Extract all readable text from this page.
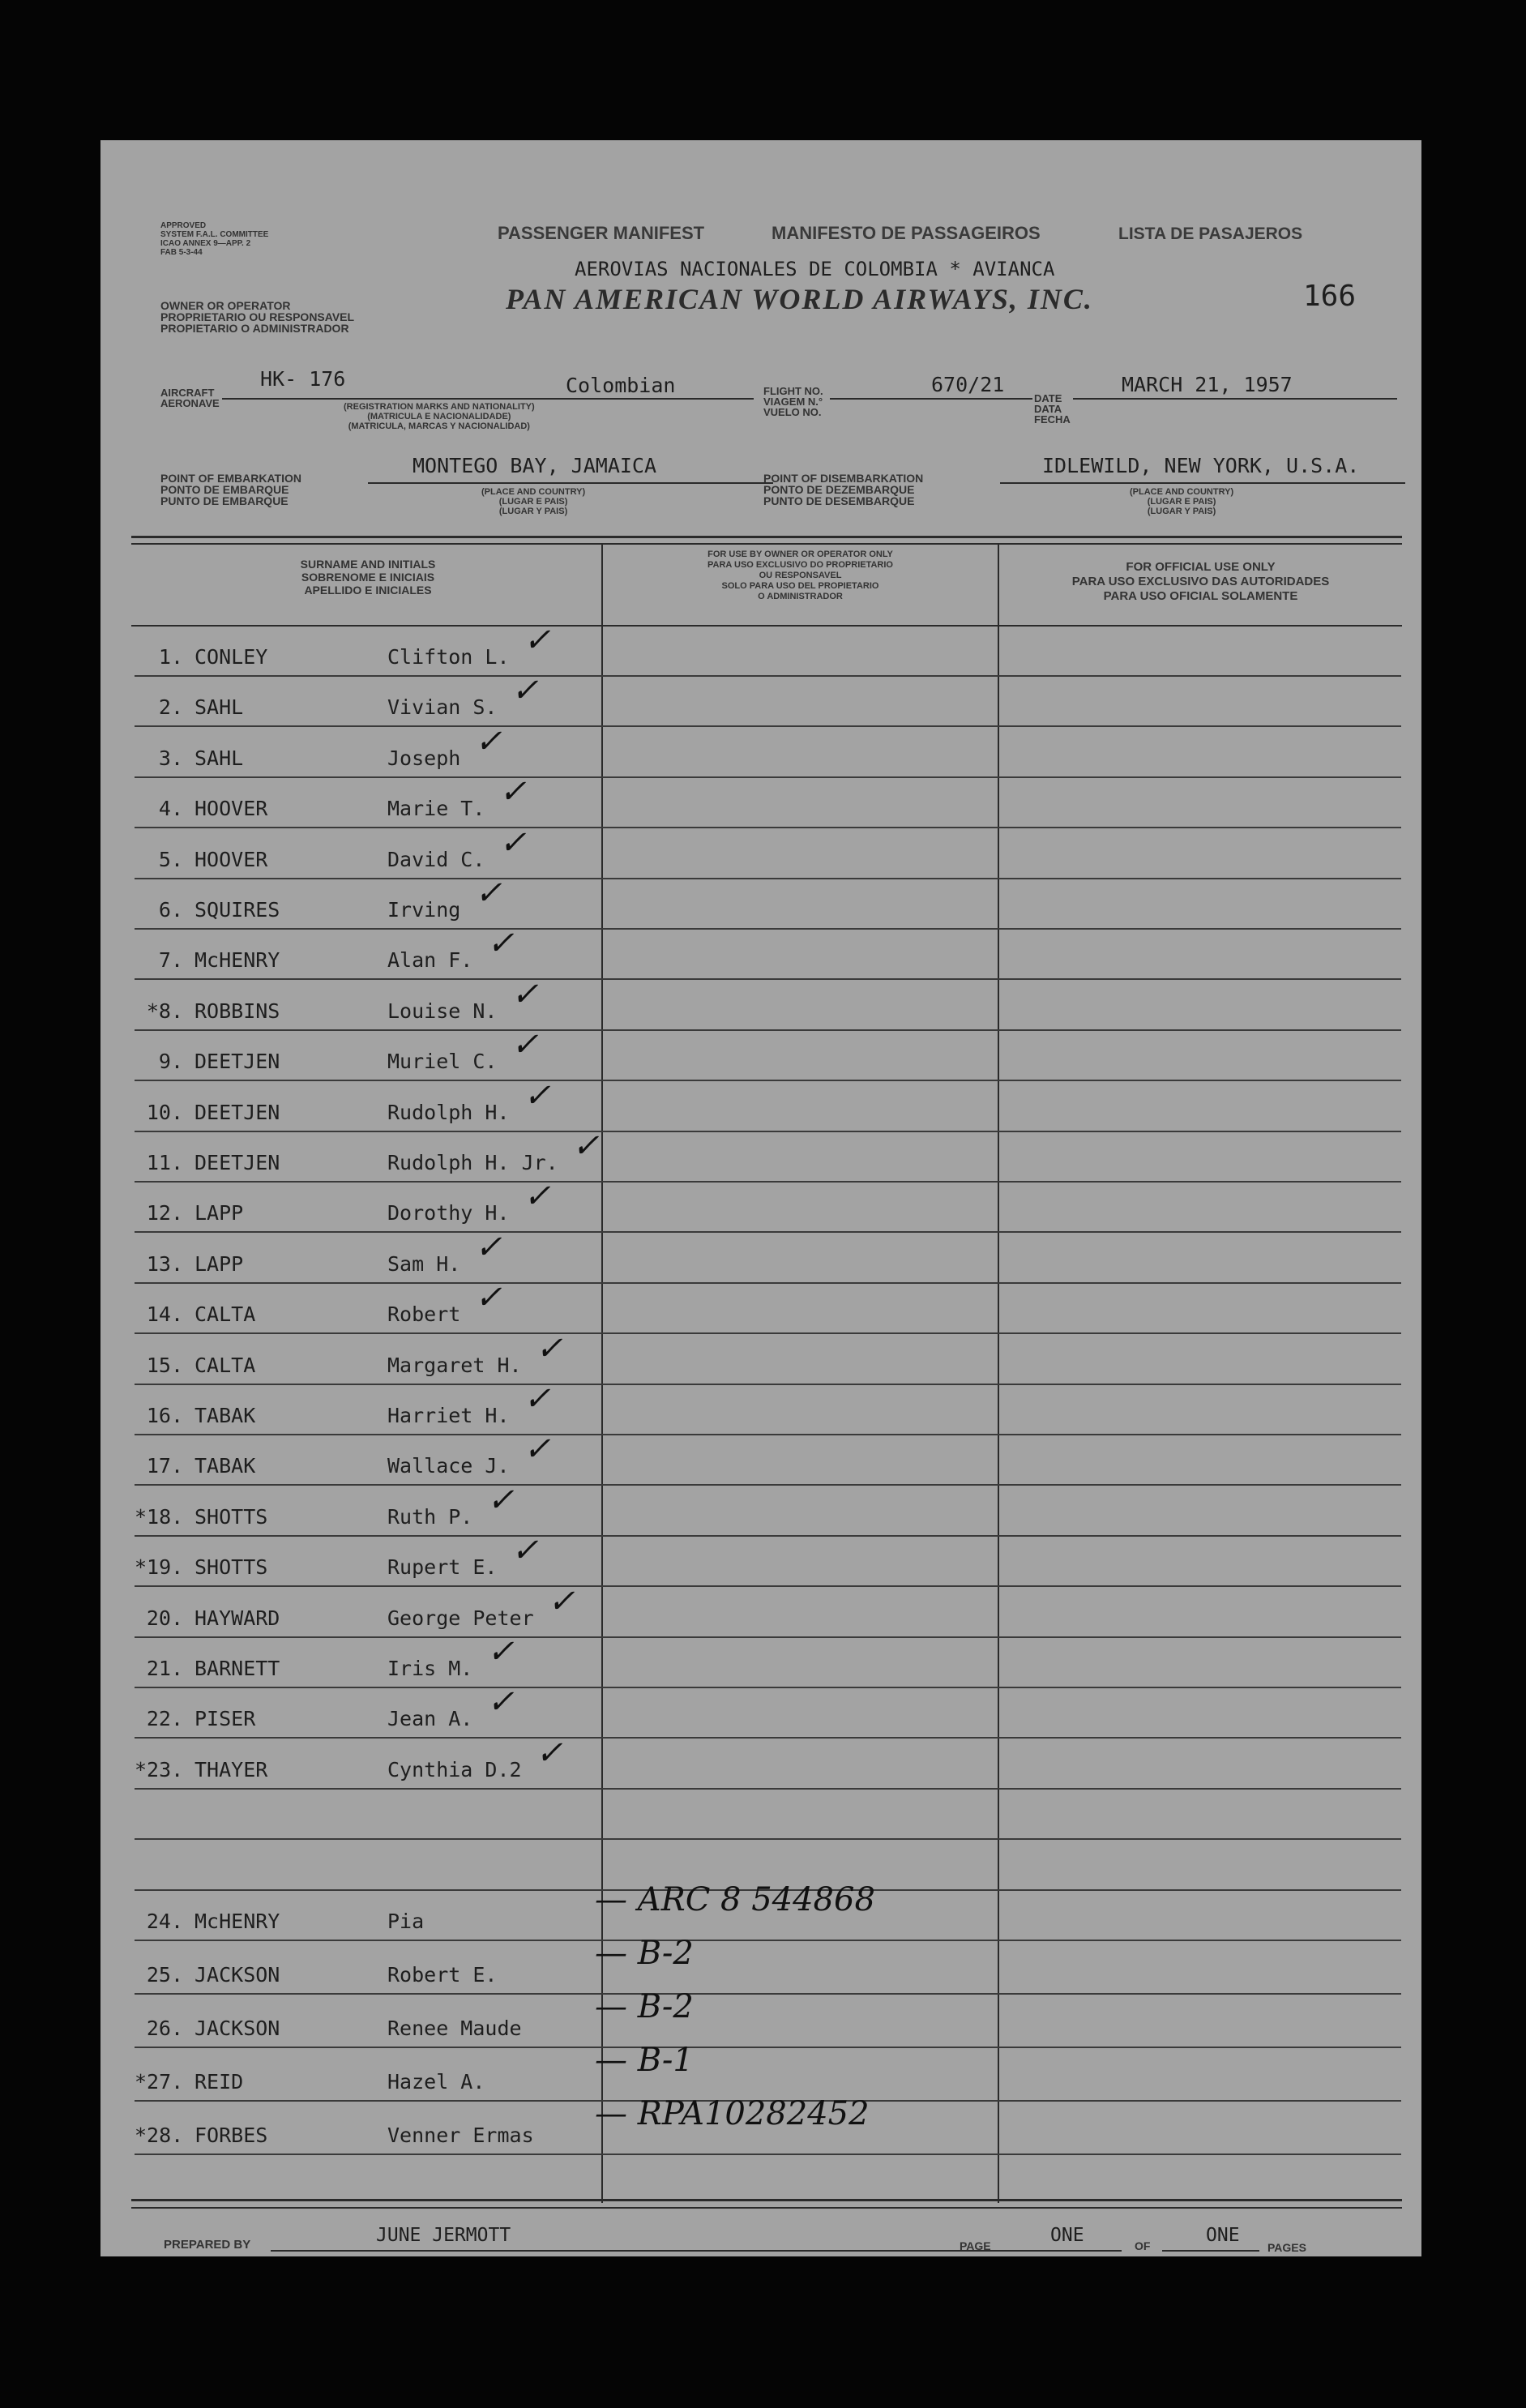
APPROVED
SYSTEM F.A.L. COMMITTEE
ICAO ANNEX 9—APP. 2
FAB 5-3-44
OWNER OR OPERATOR
PROPRIETARIO OU RESPONSAVEL
PROPIETARIO O ADMINISTRADOR
PASSENGER MANIFEST	MANIFESTO DE PASSAGEIROS	LISTA DE PASAJEROS
AEROVIAS NACIONALES DE COLOMBIA * AVIANCA
PAN AMERICAN WORLD AIRWAYS, INC.	166
AIRCRAFT
AERONAVE
HK- 176	Colombian
(REGISTRATION MARKS AND NATIONALITY)
(MATRICULA E NACIONALIDADE)
(MATRICULA, MARCAS Y NACIONALIDAD)
FLIGHT NO.
VIAGEM N.°
VUELO NO.
670/21
DATE
DATA
FECHA
MARCH 21, 1957
POINT OF EMBARKATION
PONTO DE EMBARQUE
PUNTO DE EMBARQUE
MONTEGO BAY, JAMAICA
(PLACE AND COUNTRY)
(LUGAR E PAIS)
(LUGAR Y PAIS)
POINT OF DISEMBARKATION
PONTO DE DEZEMBARQUE
PUNTO DE DESEMBARQUE
IDLEWILD, NEW YORK, U.S.A.
(PLACE AND COUNTRY)
(LUGAR E PAIS)
(LUGAR Y PAIS)
SURNAME AND INITIALS
SOBRENOME E INICIAIS
APELLIDO E INICIALES
FOR USE BY OWNER OR OPERATOR ONLY
PARA USO EXCLUSIVO DO PROPRIETARIO
OU RESPONSAVEL
SOLO PARA USO DEL PROPIETARIO
O ADMINISTRADOR
FOR OFFICIAL USE ONLY
PARA USO EXCLUSIVO DAS AUTORIDADES
PARA USO OFICIAL SOLAMENTE
1. CONLEY	Clifton L. ✓
2. SAHL	Vivian S. ✓
3. SAHL	Joseph ✓
4. HOOVER	Marie T. ✓
5. HOOVER	David C. ✓
6. SQUIRES	Irving ✓
7. McHENRY	Alan F. ✓
*8. ROBBINS	Louise N. ✓
9. DEETJEN	Muriel C. ✓
10. DEETJEN	Rudolph H. ✓
11. DEETJEN	Rudolph H. Jr. ✓
12. LAPP	Dorothy H. ✓
13. LAPP	Sam H. ✓
14. CALTA	Robert ✓
15. CALTA	Margaret H. ✓
16. TABAK	Harriet H. ✓
17. TABAK	Wallace J. ✓
*18. SHOTTS	Ruth P. ✓
*19. SHOTTS	Rupert E. ✓
20. HAYWARD	George Peter ✓
21. BARNETT	Iris M. ✓
22. PISER	Jean A. ✓
*23. THAYER	Cynthia D.2 ✓
24. McHENRY	Pia
— ARC 8 544868
25. JACKSON	Robert E.
— B-2
26. JACKSON	Renee Maude
— B-2
*27. REID	Hazel A.
— B-1
*28. FORBES	Venner Ermas
— RPA10282452
PREPARED BY	JUNE JERMOTT	PAGE	ONE	OF	ONE
PAGES
